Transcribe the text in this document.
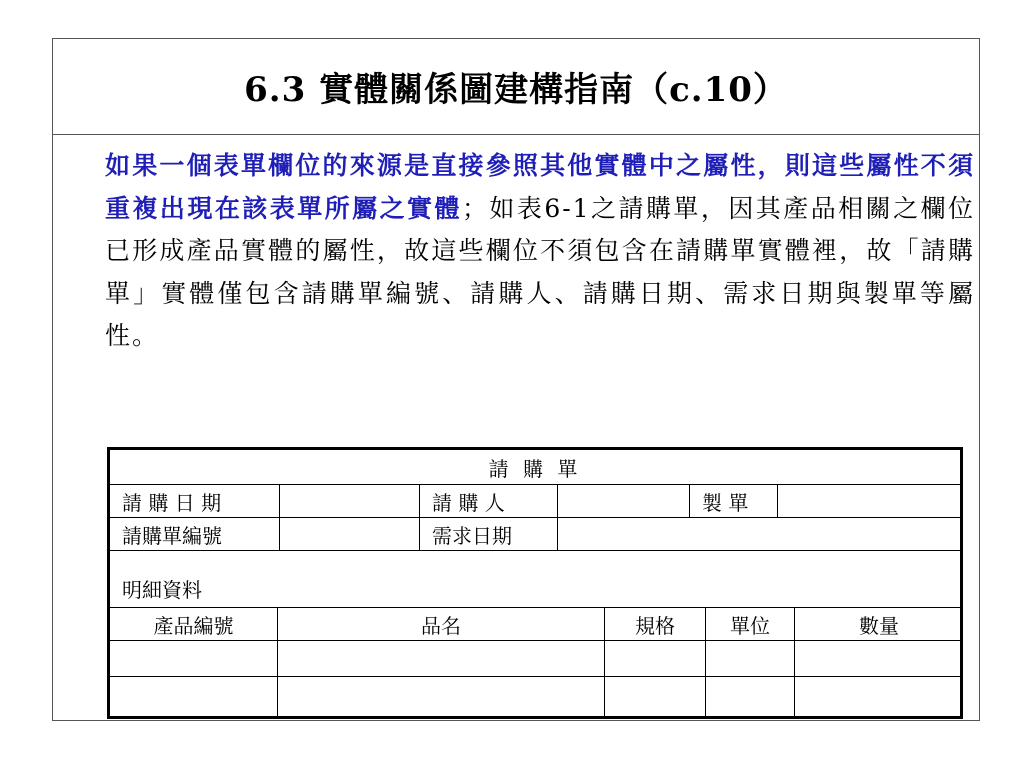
6.3 實體關係圖建構指南（c.10）
如果一個表單欄位的來源是直接參照其他實體中之屬性，則這些屬性不須重複出現在該表單所屬之實體；如表6-1之請購單，因其產品相關之欄位已形成產品實體的屬性，故這些欄位不須包含在請購單實體裡，故「請購單」實體僅包含請購單編號、請購人、請購日期、需求日期與製單等屬性。
請 購 單
請 購 日 期	請 購 人	製 單
請購單編號	需求日期
明細資料
產品編號	品名	規格	單位	數量
